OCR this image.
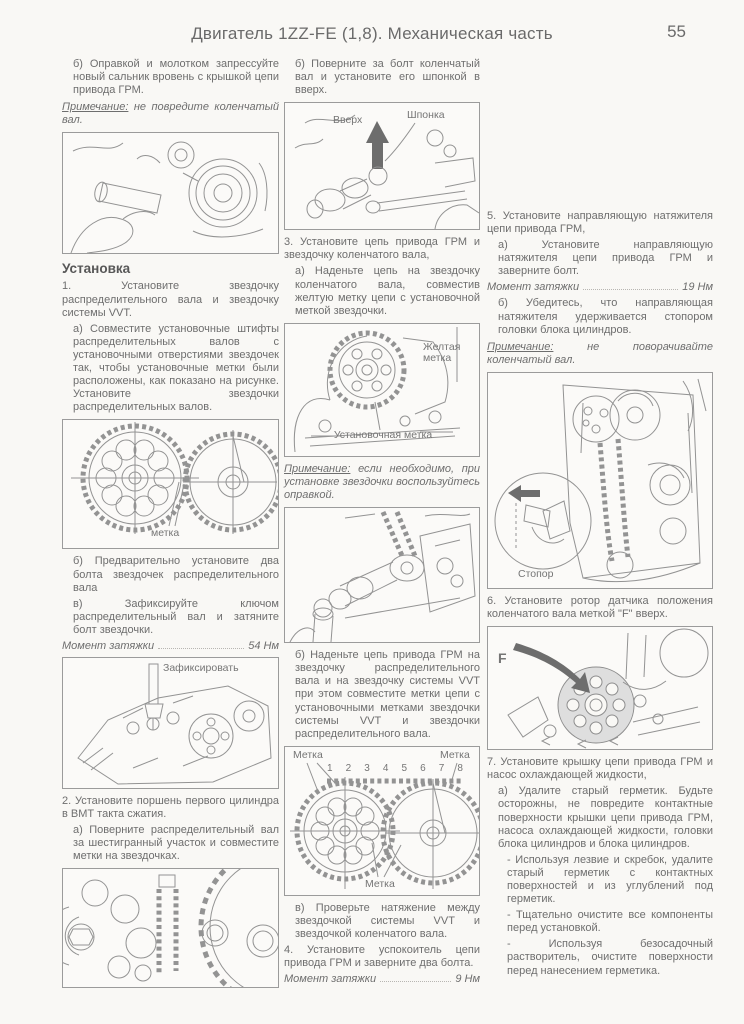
Двигатель 1ZZ-FE (1,8). Механическая часть	55

б) Оправкой и молотком запрессуйте новый сальник вровень с крышкой цепи привода ГРМ.

Примечание: не повредите коленчатый вал.

Установка

1. Установите звездочку распределительного вала и звездочку системы VVT.

а) Совместите установочные штифты распределительных валов с установочными отверстиями звездочек так, чтобы установочные метки были расположены, как показано на рисунке. Установите звездочки распределительных валов.

метка

б) Предварительно установите два болта звездочек распределительного вала

в) Зафиксируйте ключом распределительный вал и затяните болт звездочки.

Момент затяжки	54 Нм
Зафиксировать

2. Установите поршень первого цилиндра в ВМТ такта сжатия.

а) Поверните распределительный вал за шестигранный участок и совместите метки на звездочках.

б) Поверните за болт коленчатый вал и установите его шпонкой в вверх.

Вверх	Шпонка

3. Установите цепь привода ГРМ и звездочку коленчатого вала,

а) Наденьте цепь на звездочку коленчатого вала, совместив желтую метку цепи с установочной меткой звездочки.

Желтая метка
Установочная метка

Примечание: если необходимо, при установке звездочки воспользуйтесь оправкой.

б) Наденьте цепь привода ГРМ на звездочку распределительного вала и на звездочку системы VVT при этом совместите метки цепи с установочными метками звездочки системы VVT и звездочки распределительного вала.

Метка	Метка
1 2 3 4 5 6 7 8
Метка

в) Проверьте натяжение между звездочкой системы VVT и звездочкой коленчатого вала.

4. Установите успокоитель цепи привода ГРМ и заверните два болта.

Момент затяжки	9 Нм

5. Установите направляющую натяжителя цепи привода ГРМ,

а) Установите направляющую натяжителя цепи привода ГРМ и заверните болт.

Момент затяжки	19 Нм

б) Убедитесь, что направляющая натяжителя удерживается стопором головки блока цилиндров.

Примечание:	не поворачивайте коленчатый вал.

Стопор

6. Установите ротор датчика положения коленчатого вала меткой "F" вверх.

F

7. Установите крышку цепи привода ГРМ и насос охлаждающей жидкости,

а) Удалите старый герметик. Будьте осторожны, не повредите контактные поверхности крышки цепи привода ГРМ, насоса охлаждающей жидкости, головки блока цилиндров и блока цилиндров.

- Используя лезвие и скребок, удалите старый герметик с контактных поверхностей и из углублений под герметик.

- Тщательно очистите все компоненты перед установкой.

- Используя безосадочный растворитель, очистите поверхности перед нанесением герметика.
